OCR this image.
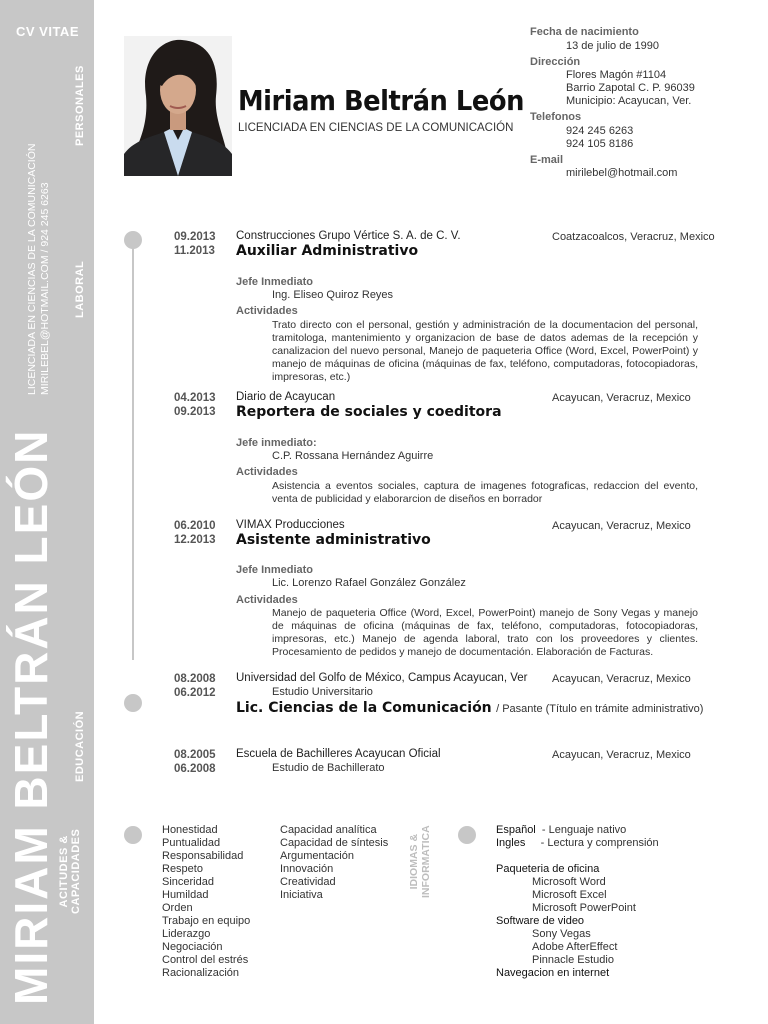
CV VITAE
MIRIAM BELTRÁN LEÓN
LICENCIADA EN CIENCIAS DE LA COMUNICACIÓN MIRILEBEL@HOTMAIL.COM / 924 245 6263
PERSONALES
LABORAL
EDUCACIÓN
ACITUDES & CAPACIDADES
Miriam Beltrán León
LICENCIADA EN CIENCIAS DE LA COMUNICACIÓN
Fecha de nacimiento
13 de julio de 1990
Dirección
Flores Magón #1104
Barrio Zapotal C. P. 96039
Municipio: Acayucan, Ver.
Telefonos
924 245 6263
924 105 8186
E-mail
mirilebel@hotmail.com
09.2013
11.2013
Construcciones Grupo Vértice S. A. de C. V.	Coatzacoalcos, Veracruz, Mexico
Auxiliar Administrativo
Jefe Inmediato
Ing. Eliseo Quiroz Reyes
Actividades
Trato directo con el personal, gestión y administración de la documentacion del personal, tramitologa, mantenimiento y organizacion de base de datos ademas de la recepción y canalizacion del nuevo personal, Manejo de paqueteria Office (Word, Excel, PowerPoint) y manejo de máquinas de oficina (máquinas de fax, teléfono, computadoras, fotocopiadoras, impresoras, etc.)
04.2013
09.2013
Diario de Acayucan	Acayucan, Veracruz, Mexico
Reportera de sociales y coeditora
Jefe inmediato:
C.P. Rossana Hernández Aguirre
Actividades
Asistencia a eventos sociales, captura de imagenes fotograficas, redaccion del evento, venta de publicidad y elaborarcion de diseños en borrador
06.2010
12.2013
VIMAX Producciones	Acayucan, Veracruz, Mexico
Asistente administrativo
Jefe Inmediato
Lic. Lorenzo Rafael González González
Actividades
Manejo de paqueteria Office (Word, Excel, PowerPoint) manejo de Sony Vegas y manejo de máquinas de oficina (máquinas de fax, teléfono, computadoras, fotocopiadoras, impresoras, etc.) Manejo de agenda laboral, trato con los proveedores y clientes. Procesamiento de pedidos y manejo de documentación. Elaboración de Facturas.
08.2008
06.2012
Universidad del Golfo de México, Campus Acayucan, Ver Acayucan, Veracruz, Mexico
Estudio Universitario
Lic. Ciencias de la Comunicación / Pasante (Título en trámite administrativo)
08.2005
06.2008
Escuela de Bachilleres Acayucan Oficial	Acayucan, Veracruz, Mexico
Estudio de Bachillerato
Honestidad
Puntualidad
Responsabilidad
Respeto
Sinceridad
Humildad
Orden
Trabajo en equipo
Liderazgo
Negociación
Control del estrés
Racionalización
Capacidad analítica
Capacidad de síntesis
Argumentación
Innovación
Creatividad
Iniciativa
IDIOMAS & INFORMATICA	Español - Lenguaje nativo
Ingles - Lectura y comprensión
Paqueteria de oficina
Microsoft Word
Microsoft Excel
Microsoft PowerPoint
Software de video
Sony Vegas
Adobe AfterEffect
Pinnacle Estudio
Navegacion en internet
